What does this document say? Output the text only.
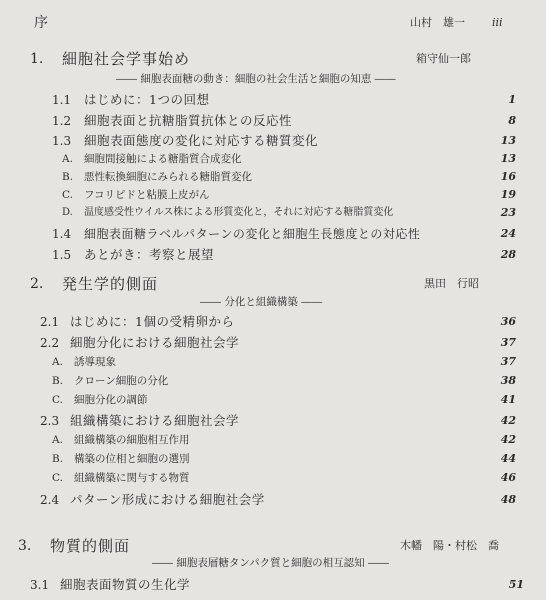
序	山村　雄一 iii
1. 細胞社会学事始め	箱守仙一郎
―― 細胞表面糖の動き：細胞の社会生活と細胞の知恵 ――
1.1 はじめに：1つの回想	1
1.2 細胞表面と抗糖脂質抗体との反応性	8
1.3 細胞表面態度の変化に対応する糖質変化	13
A. 細胞間接触による糖脂質合成変化	13
B. 悪性転換細胞にみられる糖脂質変化	16
C. フコリピドと粘膜上皮がん	19
D. 温度感受性ウイルス株による形質変化と，それに対応する糖脂質変化	23
1.4 細胞表面糖ラベルパターンの変化と細胞生長態度との対応性	24
1.5 あとがき：考察と展望	28
2. 発生学的側面	黒田　行昭
―― 分化と組織構築 ――
2.1 はじめに：1個の受精卵から	36
2.2 細胞分化における細胞社会学	37
A. 誘導現象	37
B. クローン細胞の分化	38
C. 細胞分化の調節	41
2.3 組織構築における細胞社会学	42
A. 組織構築の細胞相互作用	42
B. 構築の位相と細胞の選別	44
C. 組織構築に関与する物質	46
2.4 パターン形成における細胞社会学	48
3. 物質的側面	木幡　陽・村松　喬
―― 細胞表層糖タンパク質と細胞の相互認知 ――
3.1 細胞表面物質の生化学	51
